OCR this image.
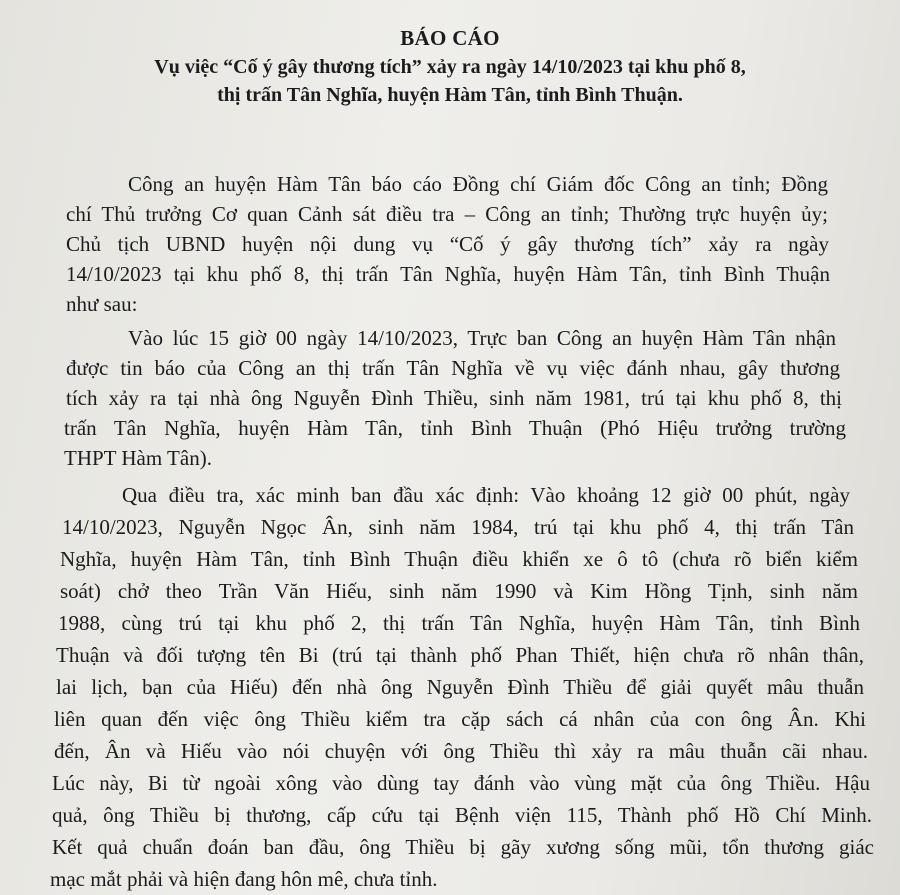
BÁO CÁO
Vụ việc “Cố ý gây thương tích” xảy ra ngày 14/10/2023 tại khu phố 8,
thị trấn Tân Nghĩa, huyện Hàm Tân, tỉnh Bình Thuận.
Công an huyện Hàm Tân báo cáo Đồng chí Giám đốc Công an tỉnh; Đồng
chí Thủ trưởng Cơ quan Cảnh sát điều tra – Công an tỉnh; Thường trực huyện ủy;
Chủ tịch UBND huyện nội dung vụ “Cố ý gây thương tích” xảy ra ngày
14/10/2023 tại khu phố 8, thị trấn Tân Nghĩa, huyện Hàm Tân, tỉnh Bình Thuận
như sau:
Vào lúc 15 giờ 00 ngày 14/10/2023, Trực ban Công an huyện Hàm Tân nhận
được tin báo của Công an thị trấn Tân Nghĩa về vụ việc đánh nhau, gây thương
tích xảy ra tại nhà ông Nguyễn Đình Thiều, sinh năm 1981, trú tại khu phố 8, thị
trấn Tân Nghĩa, huyện Hàm Tân, tỉnh Bình Thuận (Phó Hiệu trưởng trường
THPT Hàm Tân).
Qua điều tra, xác minh ban đầu xác định: Vào khoảng 12 giờ 00 phút, ngày
14/10/2023, Nguyễn Ngọc Ân, sinh năm 1984, trú tại khu phố 4, thị trấn Tân
Nghĩa, huyện Hàm Tân, tỉnh Bình Thuận điều khiển xe ô tô (chưa rõ biển kiểm
soát) chở theo Trần Văn Hiếu, sinh năm 1990 và Kim Hồng Tịnh, sinh năm
1988, cùng trú tại khu phố 2, thị trấn Tân Nghĩa, huyện Hàm Tân, tỉnh Bình
Thuận và đối tượng tên Bi (trú tại thành phố Phan Thiết, hiện chưa rõ nhân thân,
lai lịch, bạn của Hiếu) đến nhà ông Nguyễn Đình Thiều để giải quyết mâu thuẫn
liên quan đến việc ông Thiều kiểm tra cặp sách cá nhân của con ông Ân. Khi
đến, Ân và Hiếu vào nói chuyện với ông Thiều thì xảy ra mâu thuẫn cãi nhau.
Lúc này, Bi từ ngoài xông vào dùng tay đánh vào vùng mặt của ông Thiều. Hậu
quả, ông Thiều bị thương, cấp cứu tại Bệnh viện 115, Thành phố Hồ Chí Minh.
Kết quả chuẩn đoán ban đầu, ông Thiều bị gãy xương sống mũi, tổn thương giác
mạc mắt phải và hiện đang hôn mê, chưa tỉnh.
